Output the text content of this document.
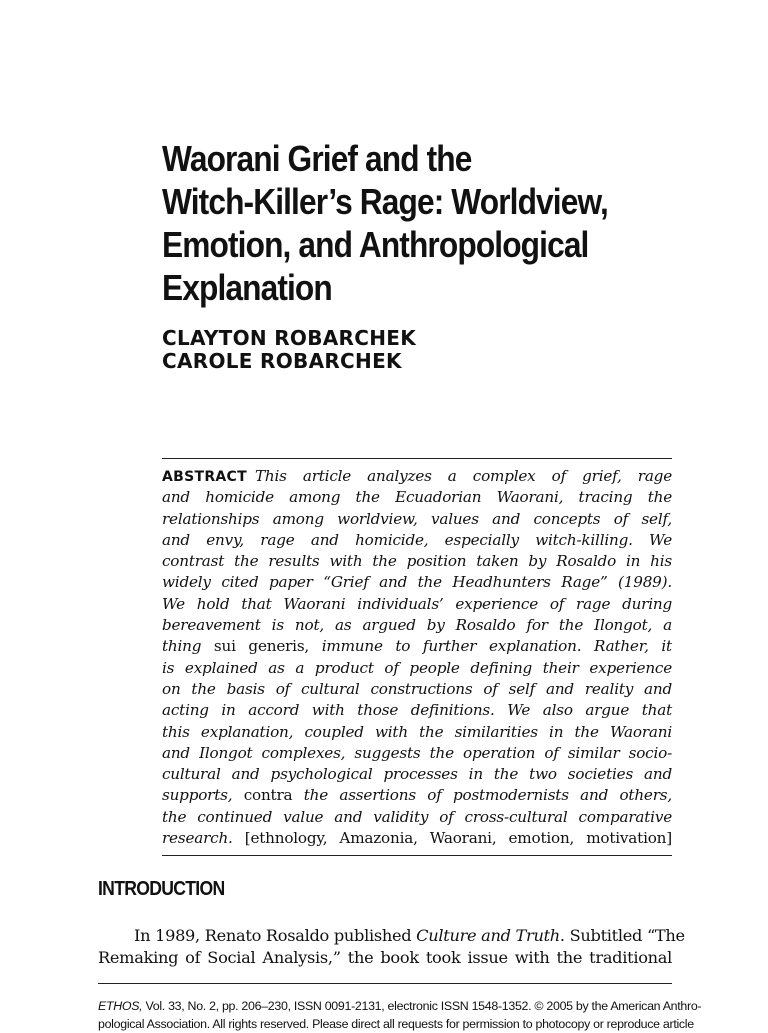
Waorani Grief and the
Witch-Killer’s Rage: Worldview,
Emotion, and Anthropological
Explanation
CLAYTON ROBARCHEK
CAROLE ROBARCHEK
ABSTRACT This article analyzes a complex of grief, rage
and homicide among the Ecuadorian Waorani, tracing the
relationships among worldview, values and concepts of self,
and envy, rage and homicide, especially witch-killing. We
contrast the results with the position taken by Rosaldo in his
widely cited paper “Grief and the Headhunters Rage” (1989).
We hold that Waorani individuals’ experience of rage during
bereavement is not, as argued by Rosaldo for the Ilongot, a
thing sui generis, immune to further explanation. Rather, it
is explained as a product of people defining their experience
on the basis of cultural constructions of self and reality and
acting in accord with those definitions. We also argue that
this explanation, coupled with the similarities in the Waorani
and Ilongot complexes, suggests the operation of similar socio-
cultural and psychological processes in the two societies and
supports, contra the assertions of postmodernists and others,
the continued value and validity of cross-cultural comparative
research. [ethnology, Amazonia, Waorani, emotion, motivation]
INTRODUCTION
In 1989, Renato Rosaldo published Culture and Truth. Subtitled “The
Remaking of Social Analysis,” the book took issue with the traditional
ETHOS, Vol. 33, No. 2, pp. 206–230, ISSN 0091-2131, electronic ISSN 1548-1352. © 2005 by the American Anthro-
pological Association. All rights reserved. Please direct all requests for permission to photocopy or reproduce article
